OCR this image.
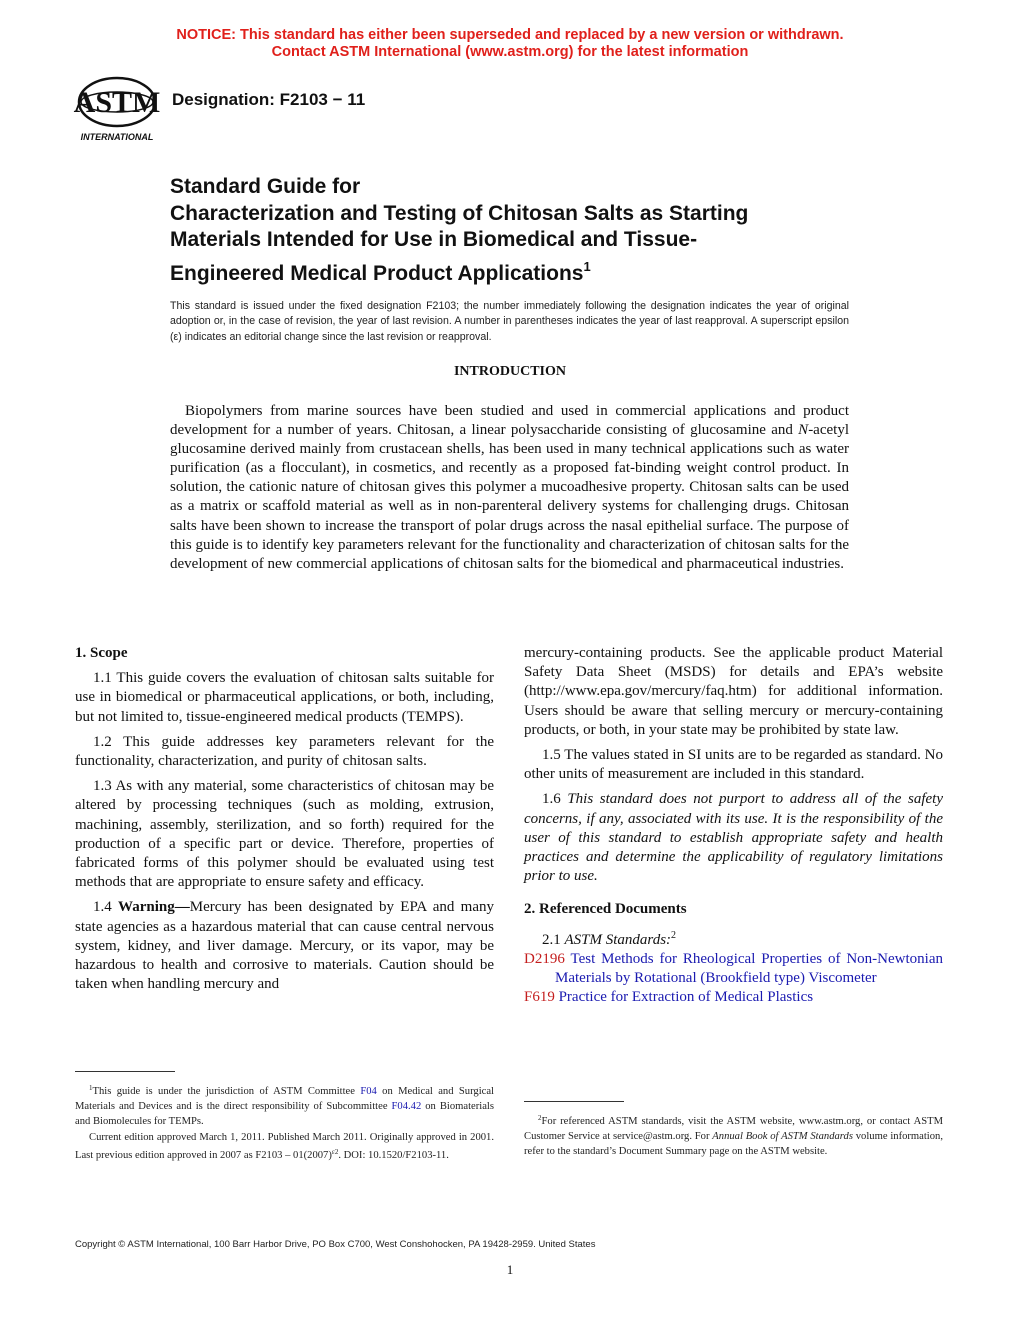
NOTICE: This standard has either been superseded and replaced by a new version or withdrawn.
Contact ASTM International (www.astm.org) for the latest information
ASTM
INTERNATIONAL
Designation: F2103 − 11
Standard Guide for
Characterization and Testing of Chitosan Salts as Starting
Materials Intended for Use in Biomedical and Tissue-
Engineered Medical Product Applications$^1$
This standard is issued under the fixed designation F2103; the number immediately following the designation indicates the year of original adoption or, in the case of revision, the year of last revision. A number in parentheses indicates the year of last reapproval. A superscript epsilon (ε) indicates an editorial change since the last revision or reapproval.
INTRODUCTION
Biopolymers from marine sources have been studied and used in commercial applications and product development for a number of years. Chitosan, a linear polysaccharide consisting of glucosamine and N-acetyl glucosamine derived mainly from crustacean shells, has been used in many technical applications such as water purification (as a flocculant), in cosmetics, and recently as a proposed fat-binding weight control product. In solution, the cationic nature of chitosan gives this polymer a mucoadhesive property. Chitosan salts can be used as a matrix or scaffold material as well as in non-parenteral delivery systems for challenging drugs. Chitosan salts have been shown to increase the transport of polar drugs across the nasal epithelial surface. The purpose of this guide is to identify key parameters relevant for the functionality and characterization of chitosan salts for the development of new commercial applications of chitosan salts for the biomedical and pharmaceutical industries.

1. Scope

1.1 This guide covers the evaluation of chitosan salts suitable for use in biomedical or pharmaceutical applications, or both, including, but not limited to, tissue-engineered medical products (TEMPS).

1.2 This guide addresses key parameters relevant for the functionality, characterization, and purity of chitosan salts.

1.3 As with any material, some characteristics of chitosan may be altered by processing techniques (such as molding, extrusion, machining, assembly, sterilization, and so forth) required for the production of a specific part or device. Therefore, properties of fabricated forms of this polymer should be evaluated using test methods that are appropriate to ensure safety and efficacy.

1.4 Warning—Mercury has been designated by EPA and many state agencies as a hazardous material that can cause central nervous system, kidney, and liver damage. Mercury, or its vapor, may be hazardous to health and corrosive to materials. Caution should be taken when handling mercury and

$^1$This guide is under the jurisdiction of ASTM Committee F04 on Medical and Surgical Materials and Devices and is the direct responsibility of Subcommittee F04.42 on Biomaterials and Biomolecules for TEMPs.

Current edition approved March 1, 2011. Published March 2011. Originally approved in 2001. Last previous edition approved in 2007 as $F2103 - 01(2007)^{\varepsilon 2}$. DOI: 10.1520/F2103-11.

mercury-containing products. See the applicable product Material Safety Data Sheet (MSDS) for details and EPA’s website (http://www.epa.gov/mercury/faq.htm) for additional information. Users should be aware that selling mercury or mercury-containing products, or both, in your state may be prohibited by state law.

1.5 The values stated in SI units are to be regarded as standard. No other units of measurement are included in this standard.

1.6 This standard does not purport to address all of the safety concerns, if any, associated with its use. It is the responsibility of the user of this standard to establish appropriate safety and health practices and determine the applicability of regulatory limitations prior to use.

2. Referenced Documents

2.1 ASTM Standards:$^2$

D2196 Test Methods for Rheological Properties of Non-Newtonian Materials by Rotational (Brookfield type) Viscometer

F619 Practice for Extraction of Medical Plastics

$^2$For referenced ASTM standards, visit the ASTM website, www.astm.org, or contact ASTM Customer Service at service@astm.org. For Annual Book of ASTM Standards volume information, refer to the standard’s Document Summary page on the ASTM website.

Copyright © ASTM International, 100 Barr Harbor Drive, PO Box C700, West Conshohocken, PA 19428-2959. United States
1
